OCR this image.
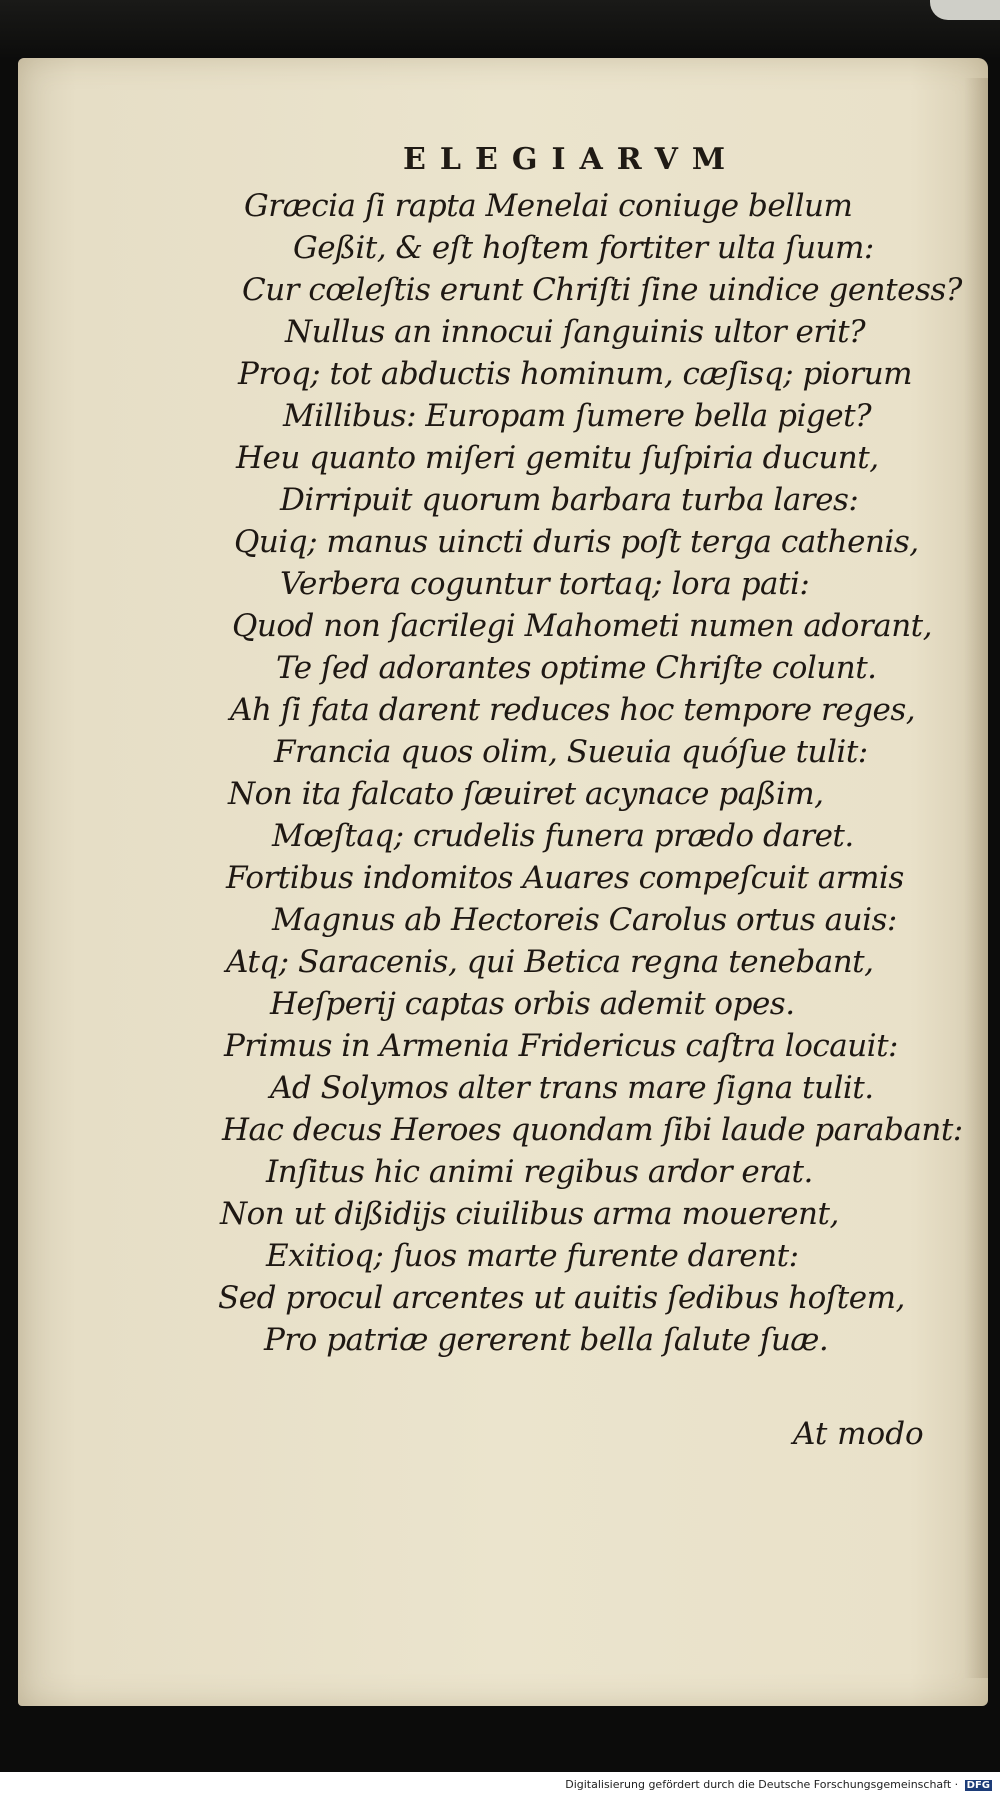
ELEGIARVM
Græcia ſi rapta Menelai coniuge bellum
Geßit, & eſt hoſtem fortiter ulta ſuum:
Cur cœleſtis erunt Chriſti ſine uindice gentess?
Nullus an innocui ſanguinis ultor erit?
Proq; tot abductis hominum, cæſisq; piorum
Millibus: Europam ſumere bella piget?
Heu quanto miſeri gemitu ſuſpiria ducunt,
Dirripuit quorum barbara turba lares:
Quiq; manus uincti duris poſt terga cathenis,
Verbera coguntur tortaq; lora pati:
Quod non ſacrilegi Mahometi numen adorant,
Te ſed adorantes optime Chriſte colunt.
Ah ſi fata darent reduces hoc tempore reges,
Francia quos olim, Sueuia quóſue tulit:
Non ita falcato ſæuiret acynace paßim,
Mœſtaq; crudelis funera prædo daret.
Fortibus indomitos Auares compeſcuit armis
Magnus ab Hectoreis Carolus ortus auis:
Atq; Saracenis, qui Betica regna tenebant,
Heſperij captas orbis ademit opes.
Primus in Armenia Fridericus caſtra locauit:
Ad Solymos alter trans mare ſigna tulit.
Hac decus Heroes quondam ſibi laude parabant:
Inſitus hic animi regibus ardor erat.
Non ut dißidijs ciuilibus arma mouerent,
Exitioq; ſuos marte furente darent:
Sed procul arcentes ut auitis ſedibus hoſtem,
Pro patriæ gererent bella ſalute ſuæ.

At modo

Digitalisierung gefördert durch die Deutsche Forschungsgemeinschaft · DFG
